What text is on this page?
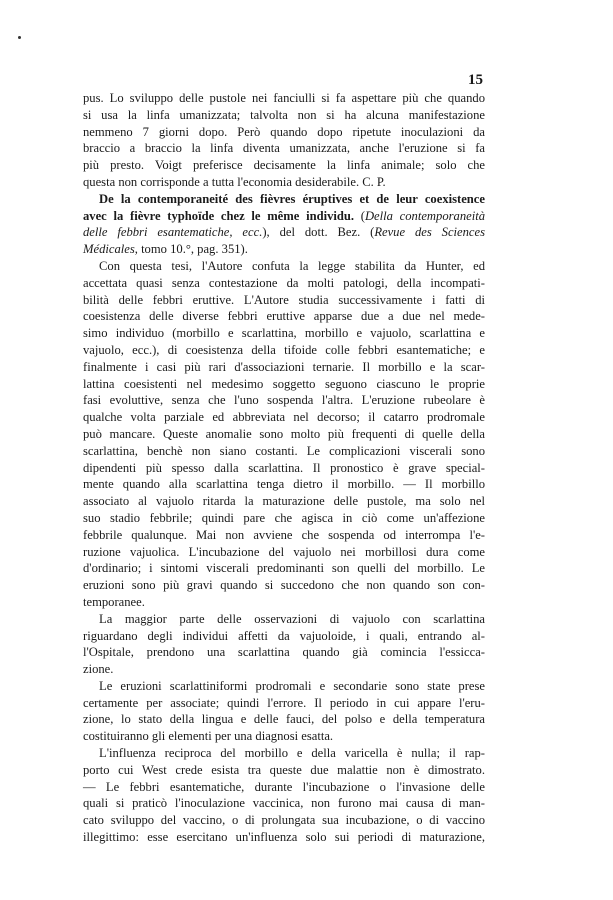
15
pus. Lo sviluppo delle pustole nei fanciulli si fa aspettare più che quando
si usa la linfa umanizzata; talvolta non si ha alcuna manifestazione
nemmeno 7 giorni dopo. Però quando dopo ripetute inoculazioni da
braccio a braccio la linfa diventa umanizzata, anche l'eruzione si fa
più presto. Voigt preferisce decisamente la linfa animale; solo che
questa non corrisponde a tutta l'economia desiderabile. C. P.
De la contemporaneité des fièvres éruptives et de leur coexistence
avec la fièvre typhoïde chez le même individu. (Della contemporaneità
delle febbri esantematiche, ecc.), del dott. Bez. (Revue des Sciences
Médicales, tomo 10.°, pag. 351).
Con questa tesi, l'Autore confuta la legge stabilita da Hunter, ed
accettata quasi senza contestazione da molti patologi, della incompati-
bilità delle febbri eruttive. L'Autore studia successivamente i fatti di
coesistenza delle diverse febbri eruttive apparse due a due nel mede-
simo individuo (morbillo e scarlattina, morbillo e vajuolo, scarlattina e
vajuolo, ecc.), di coesistenza della tifoide colle febbri esantematiche; e
finalmente i casi più rari d'associazioni ternarie. Il morbillo e la scar-
lattina coesistenti nel medesimo soggetto seguono ciascuno le proprie
fasi evoluttive, senza che l'uno sospenda l'altra. L'eruzione rubeolare è
qualche volta parziale ed abbreviata nel decorso; il catarro prodromale
può mancare. Queste anomalie sono molto più frequenti di quelle della
scarlattina, benchè non siano costanti. Le complicazioni viscerali sono
dipendenti più spesso dalla scarlattina. Il pronostico è grave special-
mente quando alla scarlattina tenga dietro il morbillo. — Il morbillo
associato al vajuolo ritarda la maturazione delle pustole, ma solo nel
suo stadio febbrile; quindi pare che agisca in ciò come un'affezione
febbrile qualunque. Mai non avviene che sospenda od interrompa l'e-
ruzione vajuolica. L'incubazione del vajuolo nei morbillosi dura come
d'ordinario; i sintomi viscerali predominanti son quelli del morbillo. Le
eruzioni sono più gravi quando si succedono che non quando son con-
temporanee.
La maggior parte delle osservazioni di vajuolo con scarlattina
riguardano degli individui affetti da vajuoloide, i quali, entrando al-
l'Ospitale, prendono una scarlattina quando già comincia l'essicca-
zione.
Le eruzioni scarlattiniformi prodromali e secondarie sono state prese
certamente per associate; quindi l'errore. Il periodo in cui appare l'eru-
zione, lo stato della lingua e delle fauci, del polso e della temperatura
costituiranno gli elementi per una diagnosi esatta.
L'influenza reciproca del morbillo e della varicella è nulla; il rap-
porto cui West crede esista tra queste due malattie non è dimostrato.
— Le febbri esantematiche, durante l'incubazione o l'invasione delle
quali si praticò l'inoculazione vaccinica, non furono mai causa di man-
cato sviluppo del vaccino, o di prolungata sua incubazione, o di vaccino
illegittimo: esse esercitano un'influenza solo sui periodi di maturazione,
